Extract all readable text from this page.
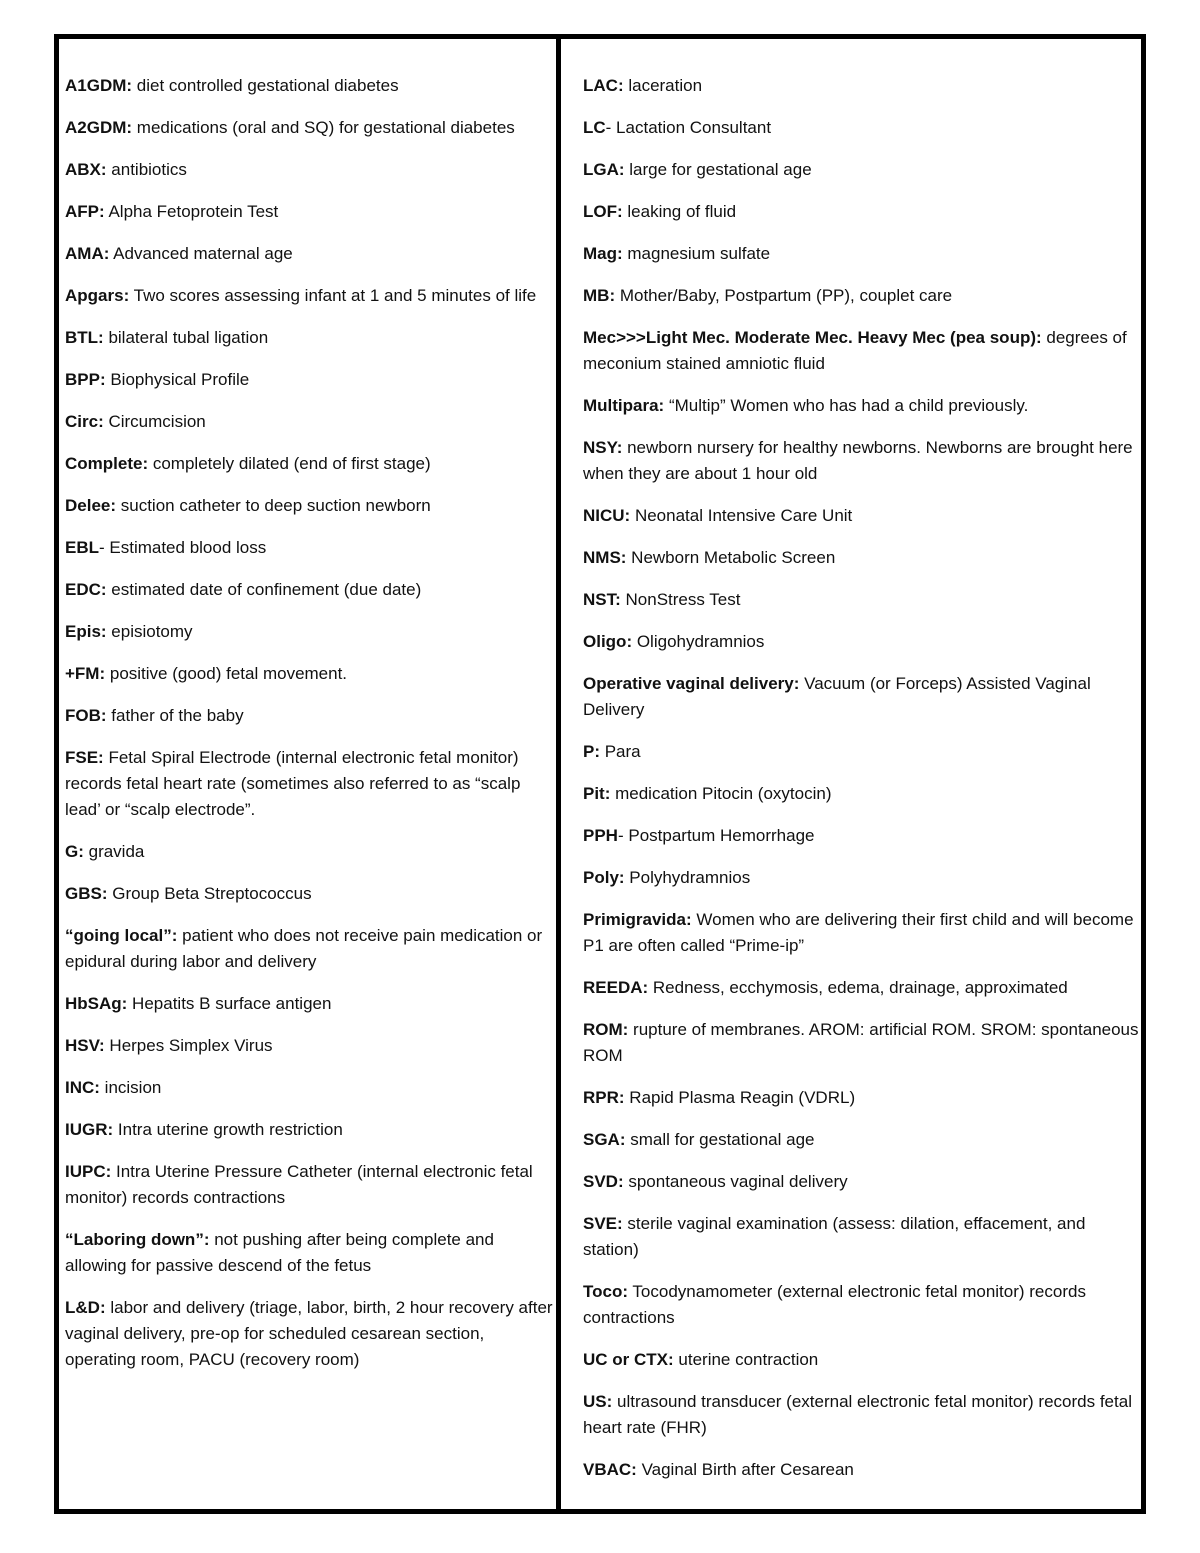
A1GDM: diet controlled gestational diabetes

A2GDM: medications (oral and SQ) for gestational diabetes

ABX: antibiotics

AFP: Alpha Fetoprotein Test

AMA: Advanced maternal age

Apgars: Two scores assessing infant at 1 and 5 minutes of life

BTL: bilateral tubal ligation

BPP: Biophysical Profile

Circ: Circumcision

Complete: completely dilated (end of first stage)

Delee: suction catheter to deep suction newborn

EBL- Estimated blood loss

EDC: estimated date of confinement (due date)

Epis: episiotomy

+FM: positive (good) fetal movement.

FOB: father of the baby

FSE: Fetal Spiral Electrode (internal electronic fetal monitor) records fetal heart rate (sometimes also referred to as “scalp lead’ or “scalp electrode”.

G: gravida

GBS: Group Beta Streptococcus

“going local”: patient who does not receive pain medication or epidural during labor and delivery

HbSAg: Hepatits B surface antigen

HSV: Herpes Simplex Virus

INC: incision

IUGR: Intra uterine growth restriction

IUPC: Intra Uterine Pressure Catheter (internal electronic fetal monitor) records contractions

“Laboring down”: not pushing after being complete and allowing for passive descend of the fetus

L&D: labor and delivery (triage, labor, birth, 2 hour recovery after vaginal delivery, pre-op for scheduled cesarean section, operating room, PACU (recovery room)

LAC: laceration

LC- Lactation Consultant

LGA: large for gestational age

LOF: leaking of fluid

Mag: magnesium sulfate

MB: Mother/Baby, Postpartum (PP), couplet care

Mec>>>Light Mec. Moderate Mec. Heavy Mec (pea soup): degrees of meconium stained amniotic fluid

Multipara: “Multip” Women who has had a child previously.

NSY: newborn nursery for healthy newborns. Newborns are brought here when they are about 1 hour old

NICU: Neonatal Intensive Care Unit

NMS: Newborn Metabolic Screen

NST: NonStress Test

Oligo: Oligohydramnios

Operative vaginal delivery: Vacuum (or Forceps) Assisted Vaginal Delivery

P: Para

Pit: medication Pitocin (oxytocin)

PPH- Postpartum Hemorrhage

Poly: Polyhydramnios

Primigravida: Women who are delivering their first child and will become P1 are often called “Prime-ip”

REEDA: Redness, ecchymosis, edema, drainage, approximated

ROM: rupture of membranes. AROM: artificial ROM. SROM: spontaneous ROM

RPR: Rapid Plasma Reagin (VDRL)

SGA: small for gestational age

SVD: spontaneous vaginal delivery

SVE: sterile vaginal examination (assess: dilation, effacement, and station)

Toco: Tocodynamometer (external electronic fetal monitor) records contractions

UC or CTX: uterine contraction

US: ultrasound transducer (external electronic fetal monitor) records fetal heart rate (FHR)

VBAC: Vaginal Birth after Cesarean
